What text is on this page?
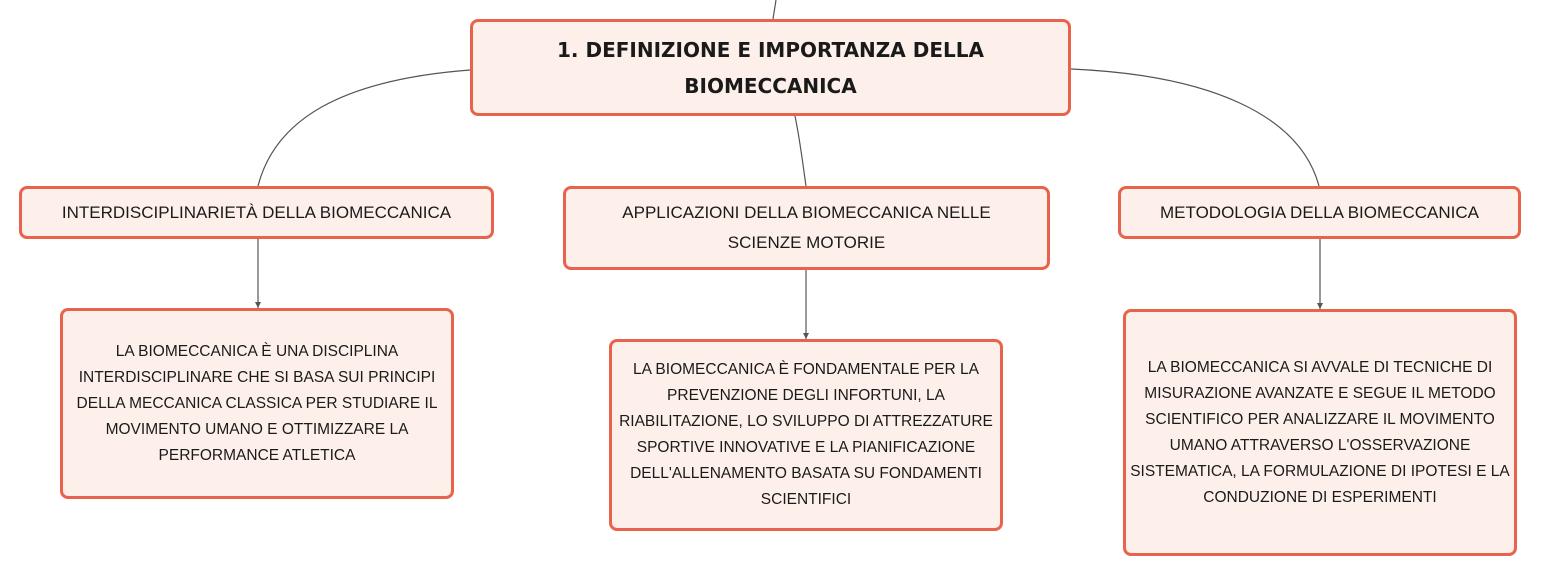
1. DEFINIZIONE E IMPORTANZA DELLA BIOMECCANICA
INTERDISCIPLINARIETÀ DELLA BIOMECCANICA	APPLICAZIONI DELLA BIOMECCANICA NELLE SCIENZE MOTORIE
METODOLOGIA DELLA BIOMECCANICA
LA BIOMECCANICA È UNA DISCIPLINA INTERDISCIPLINARE CHE SI BASA SUI PRINCIPI DELLA MECCANICA CLASSICA PER STUDIARE IL MOVIMENTO UMANO E OTTIMIZZARE LA PERFORMANCE ATLETICA
LA BIOMECCANICA È FONDAMENTALE PER LA PREVENZIONE DEGLI INFORTUNI, LA RIABILITAZIONE, LO SVILUPPO DI ATTREZZATURE SPORTIVE INNOVATIVE E LA PIANIFICAZIONE DELL'ALLENAMENTO BASATA SU FONDAMENTI SCIENTIFICI
LA BIOMECCANICA SI AVVALE DI TECNICHE DI MISURAZIONE AVANZATE E SEGUE IL METODO SCIENTIFICO PER ANALIZZARE IL MOVIMENTO UMANO ATTRAVERSO L'OSSERVAZIONE SISTEMATICA, LA FORMULAZIONE DI IPOTESI E LA CONDUZIONE DI ESPERIMENTI
